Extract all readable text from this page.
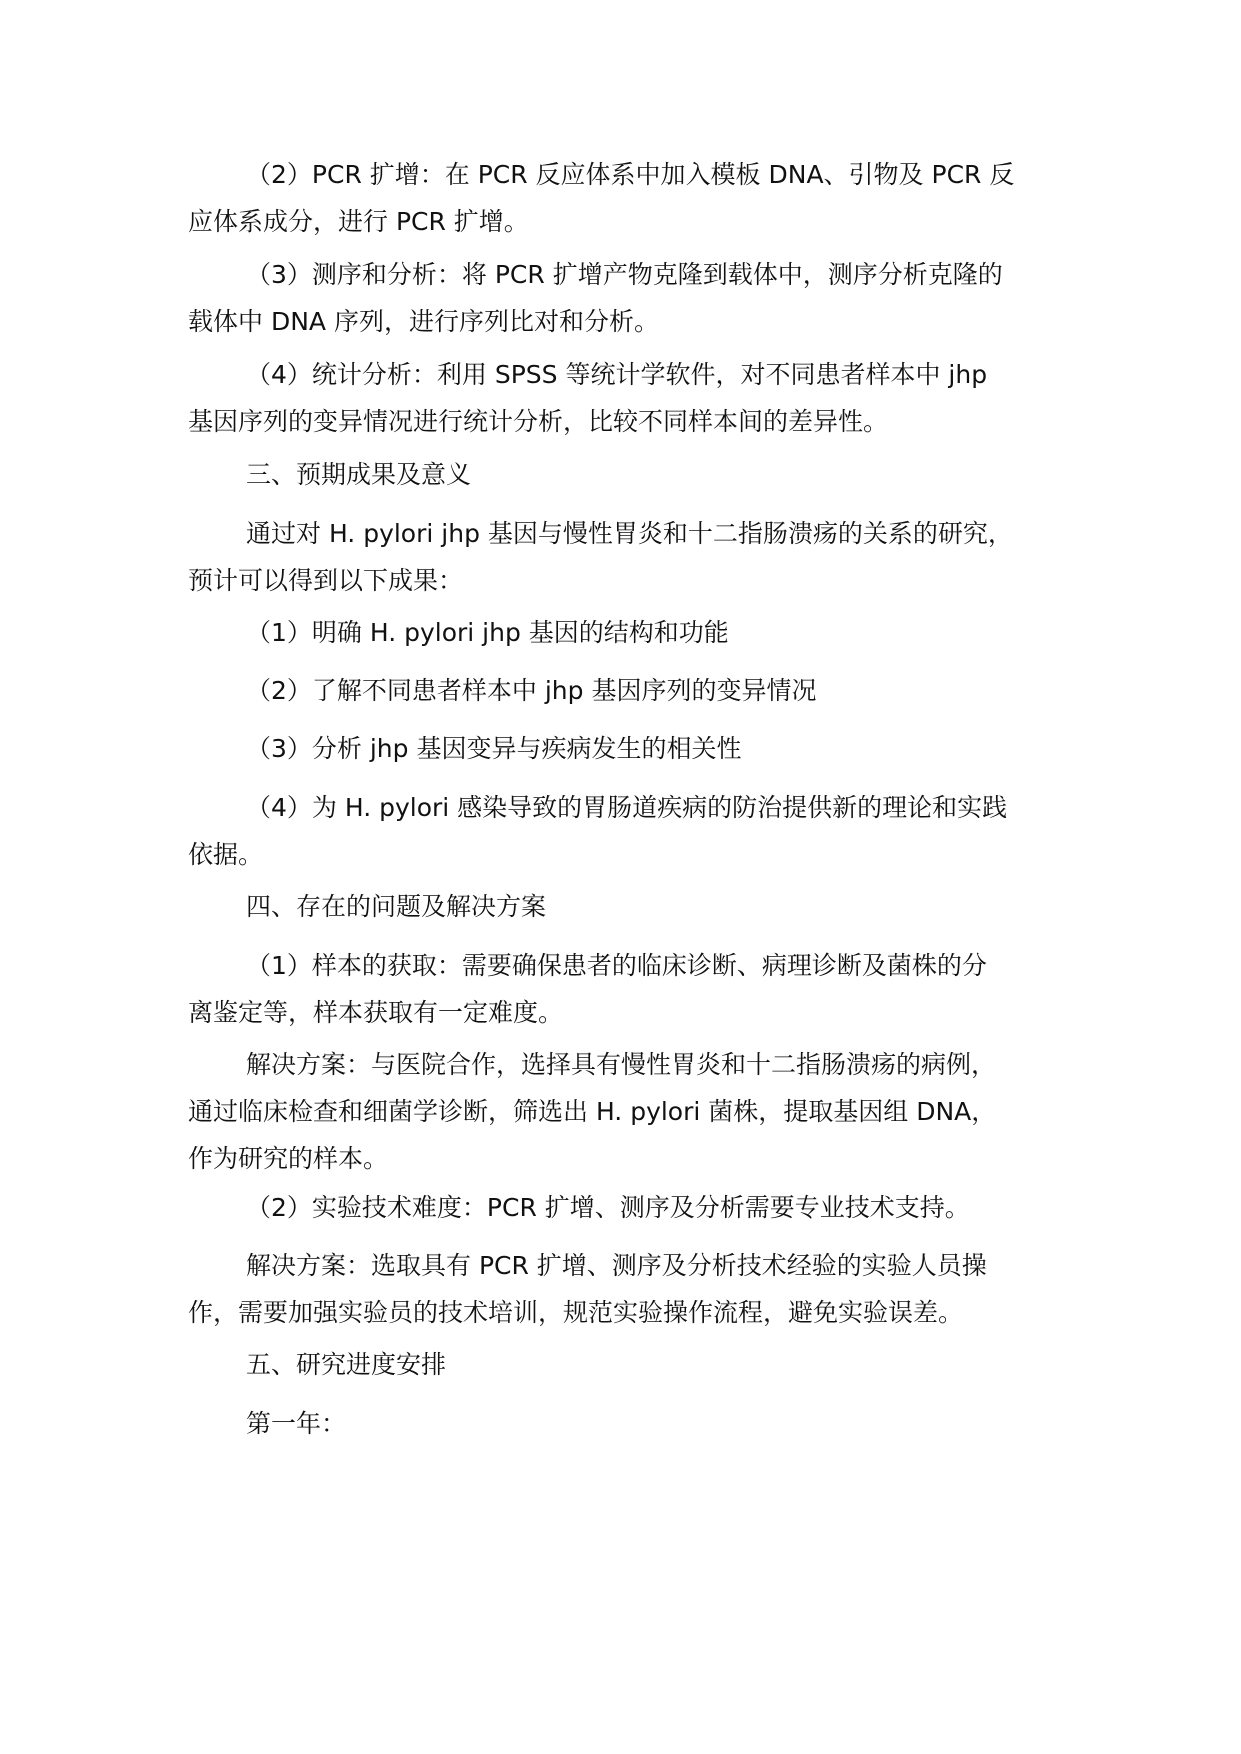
（2）PCR 扩增：在 PCR 反应体系中加入模板 DNA、引物及 PCR 反
应体系成分，进行 PCR 扩增。

（3）测序和分析：将 PCR 扩增产物克隆到载体中，测序分析克隆的
载体中 DNA 序列，进行序列比对和分析。

（4）统计分析：利用 SPSS 等统计学软件，对不同患者样本中 jhp
基因序列的变异情况进行统计分析，比较不同样本间的差异性。

三、预期成果及意义

通过对 H. pylori jhp 基因与慢性胃炎和十二指肠溃疡的关系的研究，
预计可以得到以下成果：

（1）明确 H. pylori jhp 基因的结构和功能

（2）了解不同患者样本中 jhp 基因序列的变异情况

（3）分析 jhp 基因变异与疾病发生的相关性

（4）为 H. pylori 感染导致的胃肠道疾病的防治提供新的理论和实践
依据。

四、存在的问题及解决方案

（1）样本的获取：需要确保患者的临床诊断、病理诊断及菌株的分
离鉴定等，样本获取有一定难度。

解决方案：与医院合作，选择具有慢性胃炎和十二指肠溃疡的病例，
通过临床检查和细菌学诊断，筛选出 H. pylori 菌株，提取基因组 DNA，
作为研究的样本。

（2）实验技术难度：PCR 扩增、测序及分析需要专业技术支持。

解决方案：选取具有 PCR 扩增、测序及分析技术经验的实验人员操
作，需要加强实验员的技术培训，规范实验操作流程，避免实验误差。

五、研究进度安排

第一年：
